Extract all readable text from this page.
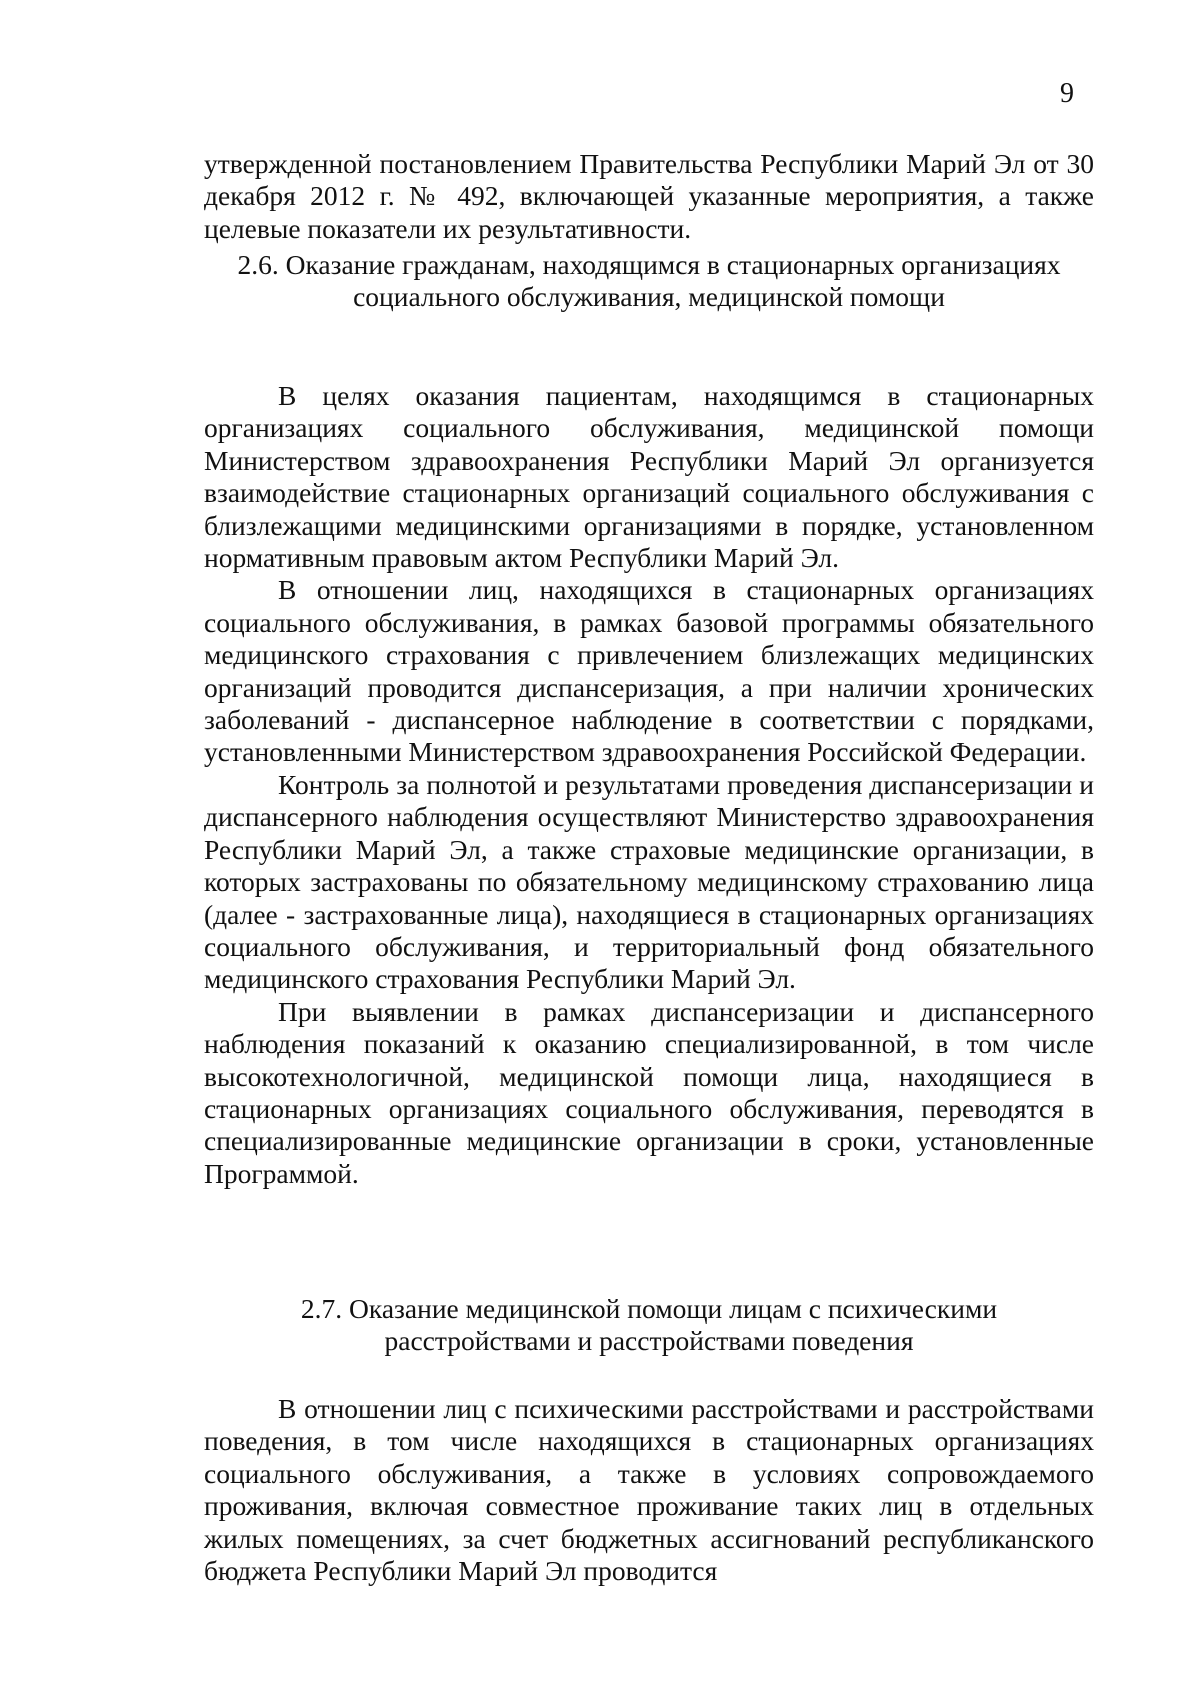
9

утвержденной постановлением Правительства Республики Марий Эл от 30 декабря 2012 г. № 492, включающей указанные мероприятия, а также целевые показатели их результативности.

2.6. Оказание гражданам, находящимся в стационарных организациях
социального обслуживания, медицинской помощи

В целях оказания пациентам, находящимся в стационарных организациях социального обслуживания, медицинской помощи Министерством здравоохранения Республики Марий Эл организуется взаимодействие стационарных организаций социального обслуживания с близлежащими медицинскими организациями в порядке, установленном нормативным правовым актом Республики Марий Эл.

В отношении лиц, находящихся в стационарных организациях социального обслуживания, в рамках базовой программы обязательного медицинского страхования с привлечением близлежащих медицинских организаций проводится диспансеризация, а при наличии хронических заболеваний - диспансерное наблюдение в соответствии с порядками, установленными Министерством здравоохранения Российской Федерации.

Контроль за полнотой и результатами проведения диспансеризации и диспансерного наблюдения осуществляют Министерство здравоохранения Республики Марий Эл, а также страховые медицинские организации, в которых застрахованы по обязательному медицинскому страхованию лица (далее - застрахованные лица), находящиеся в стационарных организациях социального обслуживания, и территориальный фонд обязательного медицинского страхования Республики Марий Эл.

При выявлении в рамках диспансеризации и диспансерного наблюдения показаний к оказанию специализированной, в том числе высокотехнологичной, медицинской помощи лица, находящиеся в стационарных организациях социального обслуживания, переводятся в специализированные медицинские организации в сроки, установленные Программой.

2.7. Оказание медицинской помощи лицам с психическими
расстройствами и расстройствами поведения

В отношении лиц с психическими расстройствами и расстройствами поведения, в том числе находящихся в стационарных организациях социального обслуживания, а также в условиях сопровождаемого проживания, включая совместное проживание таких лиц в отдельных жилых помещениях, за счет бюджетных ассигнований республиканского бюджета Республики Марий Эл проводится
